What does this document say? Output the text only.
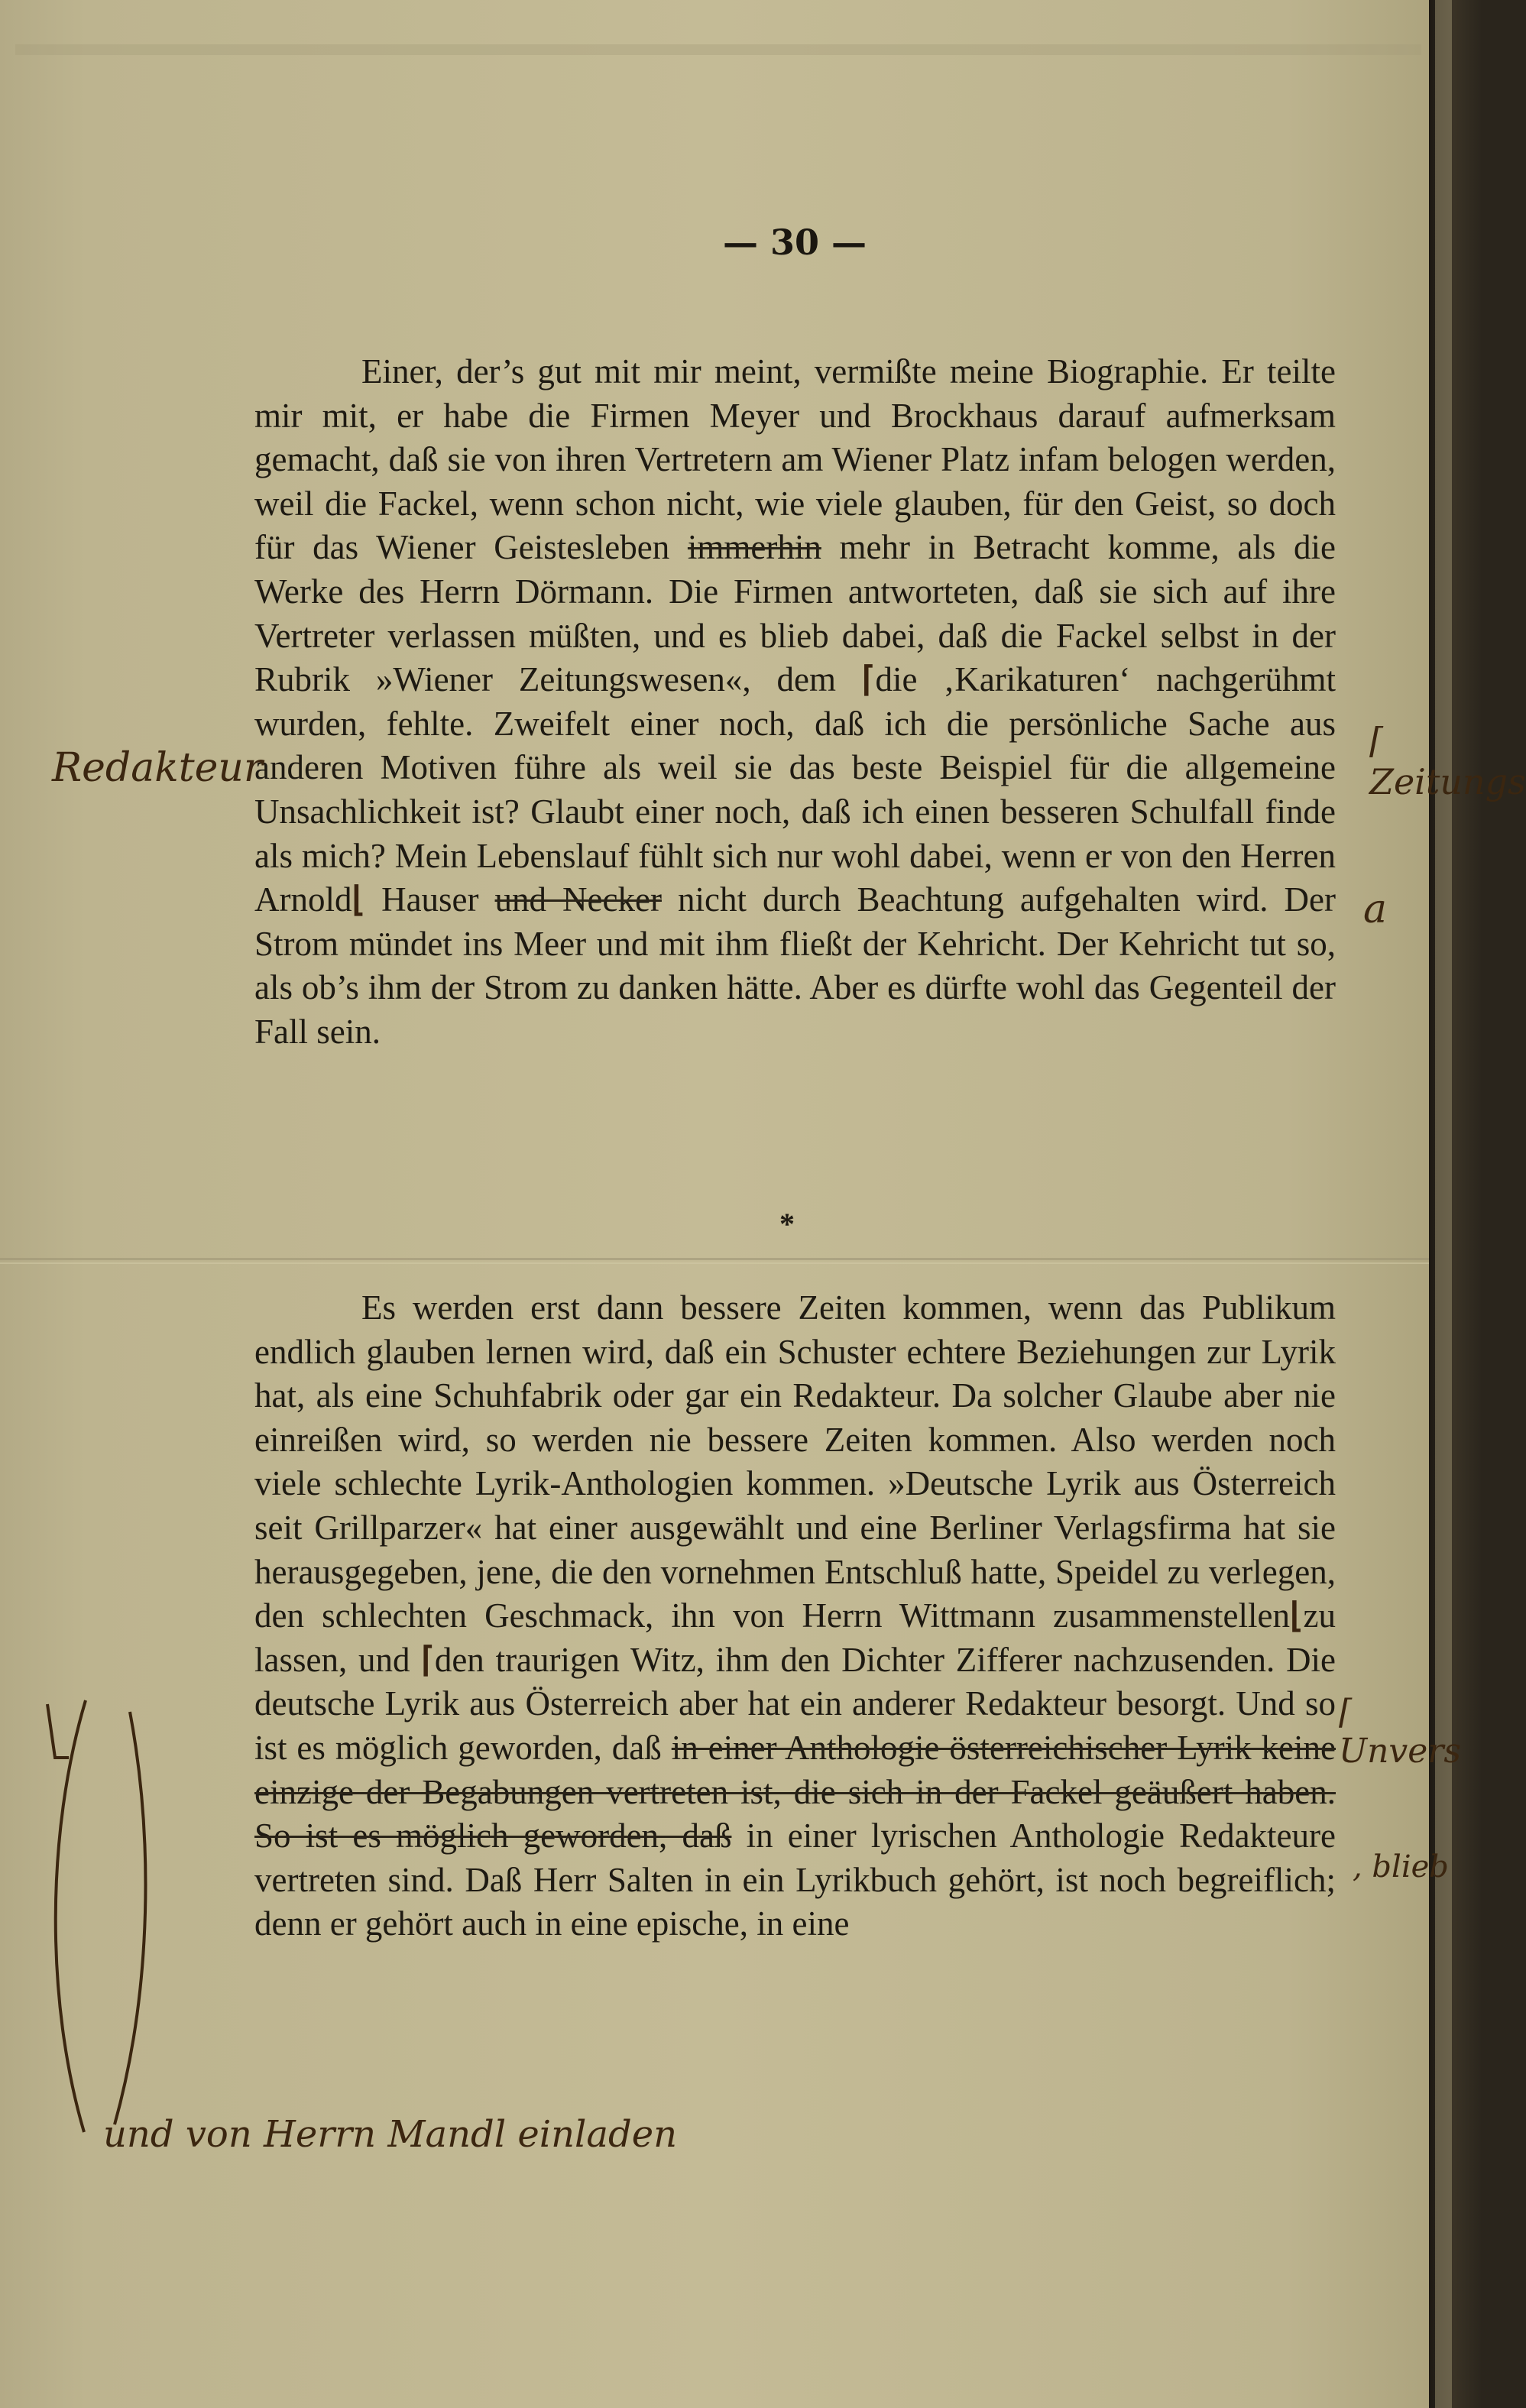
— 30 —

Einer, der’s gut mit mir meint, vermißte meine Biographie. Er teilte mir mit, er habe die Firmen Meyer und Brockhaus darauf aufmerksam gemacht, daß sie von ihren Vertretern am Wiener Platz infam belogen werden, weil die Fackel, wenn schon nicht, wie viele glauben, für den Geist, so doch für das Wiener Geistesleben immerhin mehr in Betracht komme, als die Werke des Herrn Dörmann. Die Firmen antworteten, daß sie sich auf ihre Vertreter verlassen müßten, und es blieb dabei, daß die Fackel selbst in der Rubrik »Wiener Zeitungswesen«, dem ⌈die ‚Karikaturen‘ nachgerühmt wurden, fehlte. Zweifelt einer noch, daß ich die persönliche Sache aus anderen Motiven führe als weil sie das beste Beispiel für die allgemeine Unsachlichkeit ist? Glaubt einer noch, daß ich einen besseren Schulfall finde als mich? Mein Lebenslauf fühlt sich nur wohl dabei, wenn er von den Herren Arnold⌊ Hauser und Necker nicht durch Beachtung aufgehalten wird. Der Strom mündet ins Meer und mit ihm fließt der Kehricht. Der Kehricht tut so, als ob’s ihm der Strom zu danken hätte. Aber es dürfte wohl das Gegenteil der Fall sein.

*

Es werden erst dann bessere Zeiten kommen, wenn das Publikum endlich glauben lernen wird, daß ein Schuster echtere Beziehungen zur Lyrik hat, als eine Schuhfabrik oder gar ein Redakteur. Da solcher Glaube aber nie einreißen wird, so werden nie bessere Zeiten kommen. Also werden noch viele schlechte Lyrik-Anthologien kommen. »Deutsche Lyrik aus Österreich seit Grillparzer« hat einer ausgewählt und eine Berliner Verlagsfirma hat sie herausgegeben, jene, die den vornehmen Entschluß hatte, Speidel zu verlegen, den schlechten Geschmack, ihn von Herrn Wittmann zusammenstellen⌊zu lassen, und ⌈den traurigen Witz, ihm den Dichter Zifferer nachzusenden. Die deutsche Lyrik aus Österreich aber hat ein anderer Redakteur besorgt. Und so ist es möglich geworden, daß in einer Anthologie österreichischer Lyrik keine einzige der Begabungen vertreten ist, die sich in der Fackel geäußert haben. So ist es möglich geworden, daß in einer lyrischen Anthologie Redakteure vertreten sind. Daß Herr Salten in ein Lyrikbuch gehört, ist noch begreiflich; denn er gehört auch in eine epische, in eine

Redakteur
⌈ Zeitungs
a
⌈ Unvers
, blieb
und von Herrn Mandl einladen
